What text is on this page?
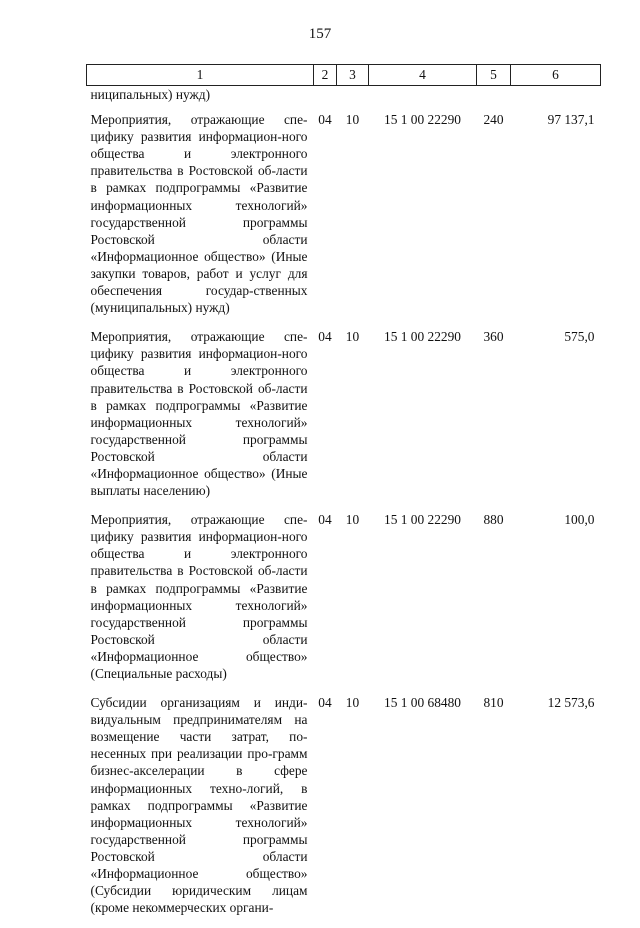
157
1	2	3	4	5	6
ниципальных) нужд)					
Мероприятия, отражающие спе-цифику развития информацион-ного общества и электронного правительства в Ростовской об-ласти в рамках подпрограммы «Развитие информационных технологий» государственной программы Ростовской области «Информационное общество» (Иные закупки товаров, работ и услуг для обеспечения государ-ственных (муниципальных) нужд)	04	10	15 1 00 22290	240	97 137,1
Мероприятия, отражающие спе-цифику развития информацион-ного общества и электронного правительства в Ростовской об-ласти в рамках подпрограммы «Развитие информационных технологий» государственной программы Ростовской области «Информационное общество» (Иные выплаты населению)	04	10	15 1 00 22290	360	575,0
Мероприятия, отражающие спе-цифику развития информацион-ного общества и электронного правительства в Ростовской об-ласти в рамках подпрограммы «Развитие информационных технологий» государственной программы Ростовской области «Информационное общество» (Специальные расходы)	04	10	15 1 00 22290	880	100,0
Субсидии организациям и инди-видуальным предпринимателям на возмещение части затрат, по-несенных при реализации про-грамм бизнес-акселерации в сфере информационных техно-логий, в рамках подпрограммы «Развитие информационных технологий» государственной программы Ростовской области «Информационное общество» (Субсидии юридическим лицам (кроме некоммерческих органи-	04	10	15 1 00 68480	810	12 573,6
